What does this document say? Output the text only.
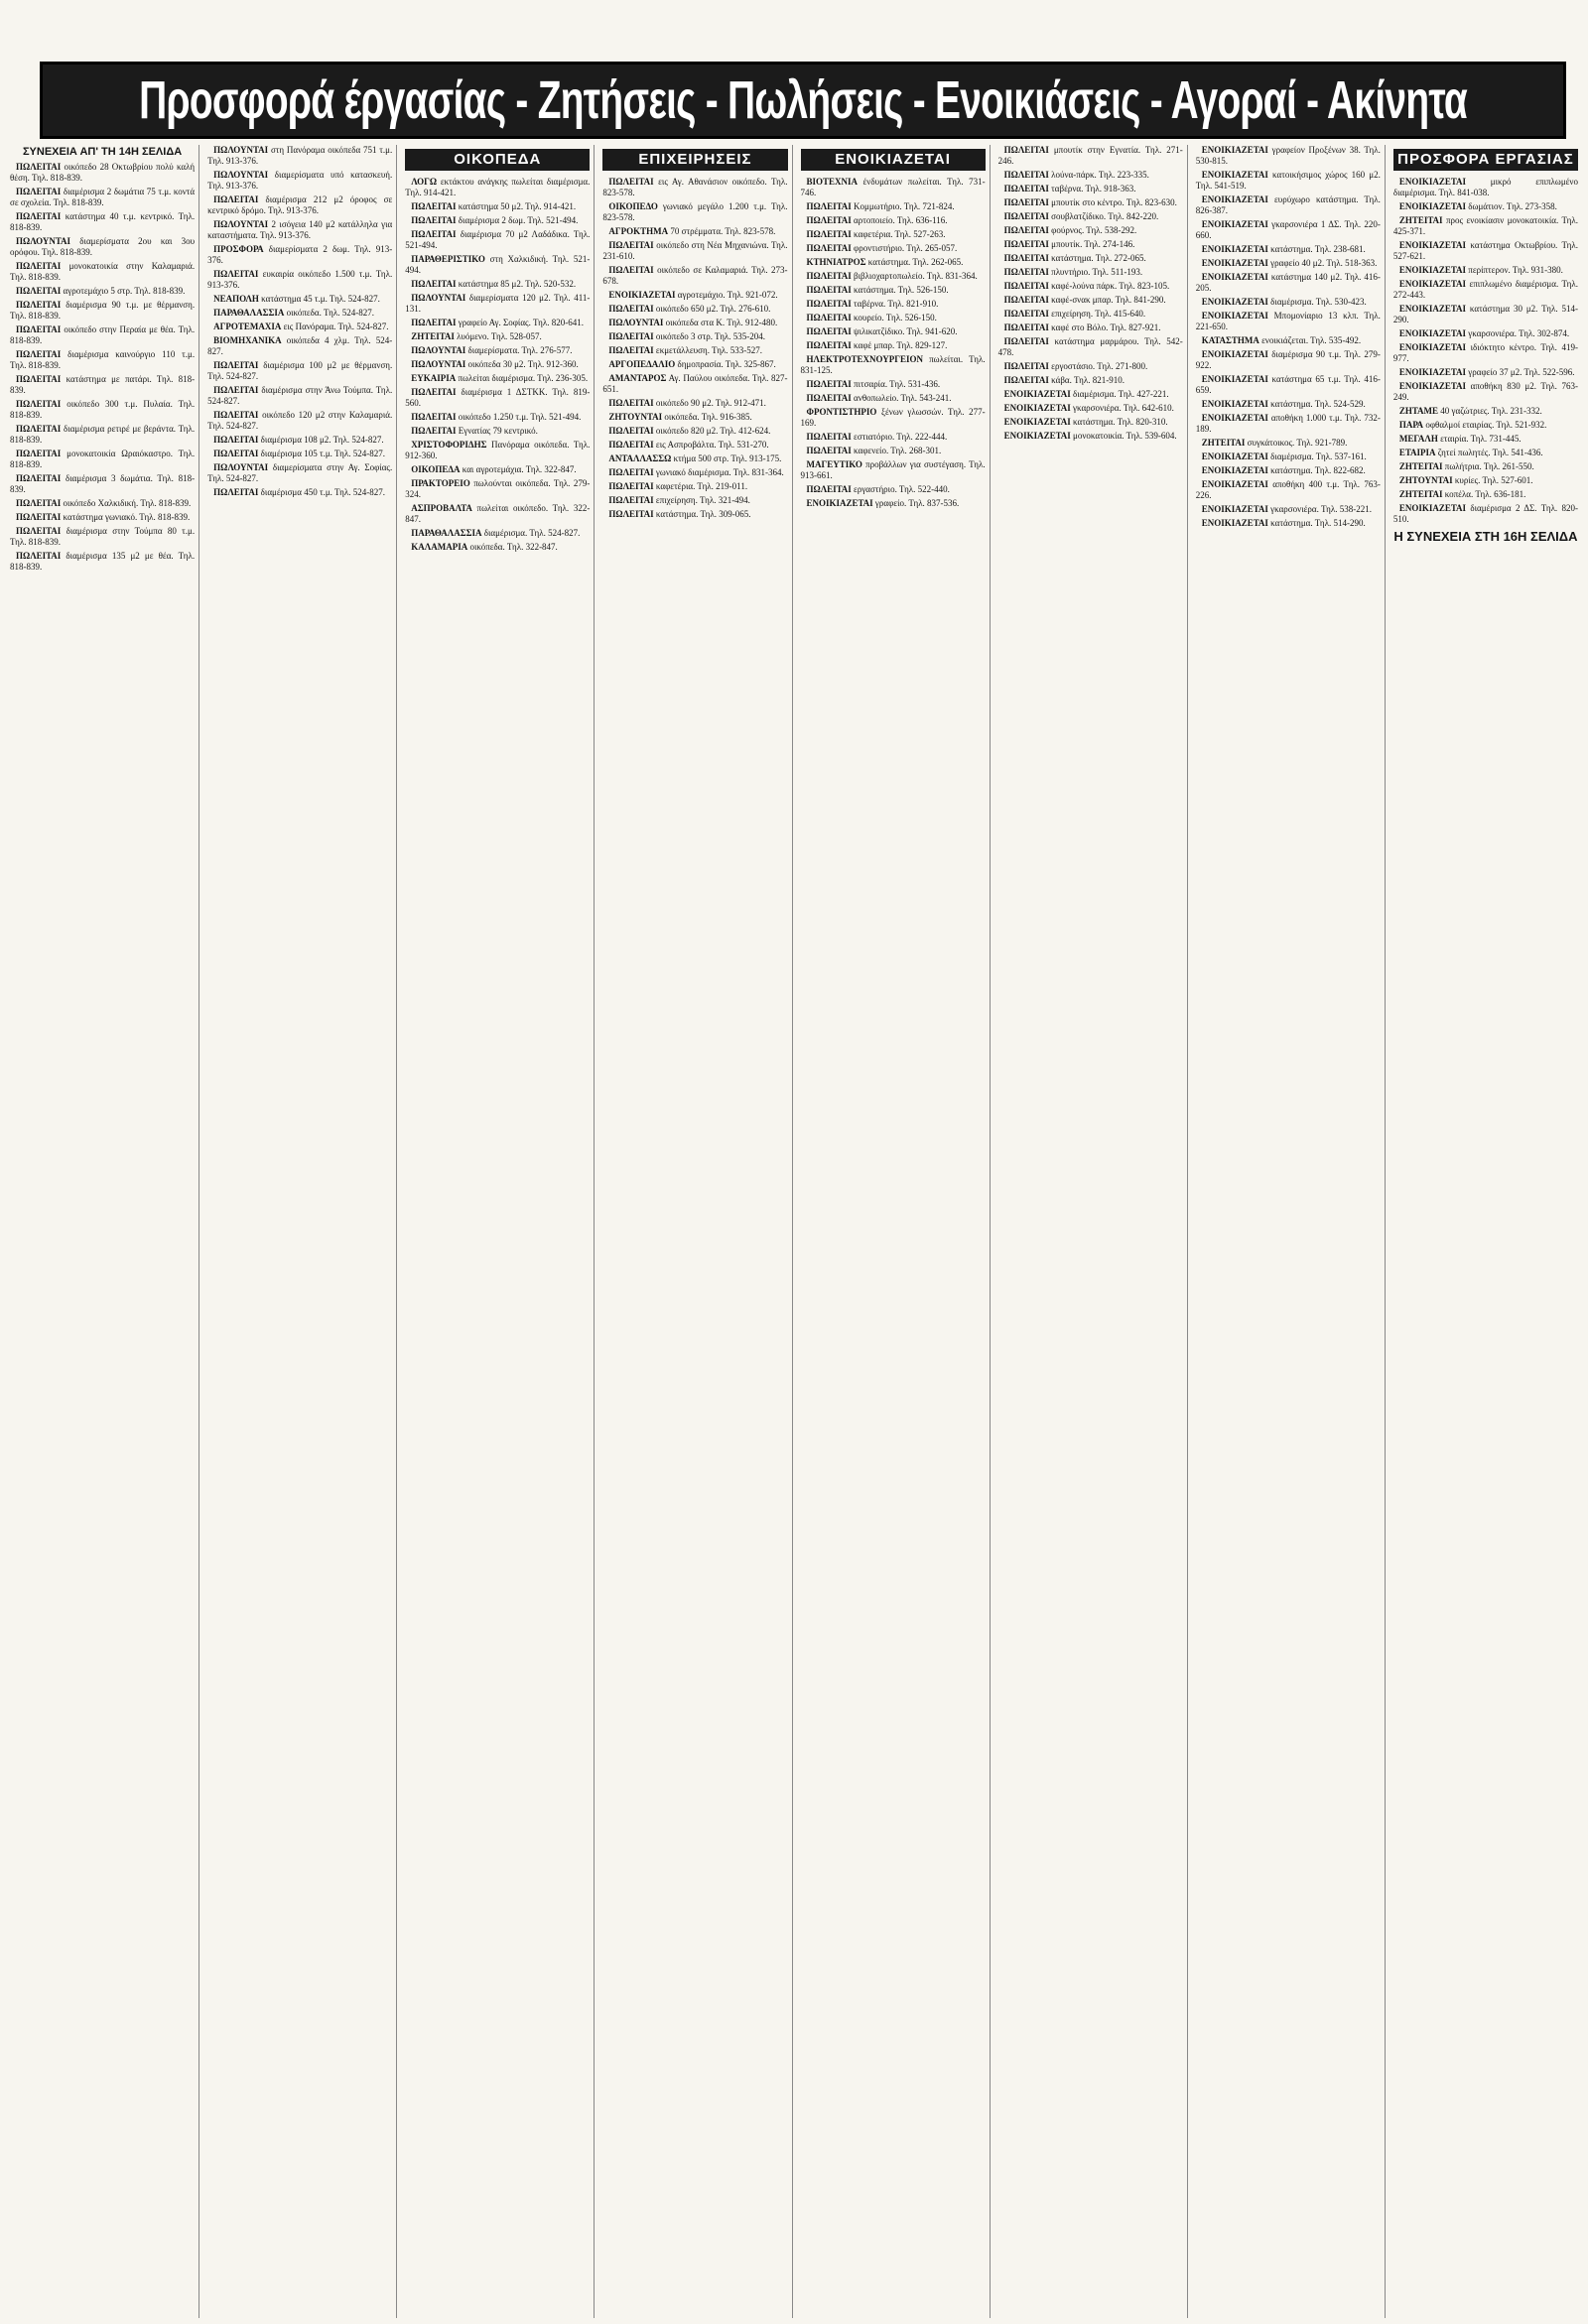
Προσφορά έργασίας - Ζητήσεις - Πωλήσεις - Ενοικιάσεις - Αγοραί - Ακίνητα
ΣΥΝΕΧΕΙΑ ΑΠ' ΤΗ 14Η ΣΕΛΙΔΑ

ΠΩΛΕΙΤΑΙ οικόπεδο 28 Οκτωβρίου πολύ καλή θέση. Τηλ. 818-839.

ΠΩΛΕΙΤΑΙ διαμέρισμα 2 δωμάτια 75 τ.μ. κοντά σε σχολεία. Τηλ. 818-839.

ΠΩΛΕΙΤΑΙ κατάστημα 40 τ.μ. κεντρικό. Τηλ. 818-839.

ΠΩΛΟΥΝΤΑΙ διαμερίσματα 2ου και 3ου ορόφου. Τηλ. 818-839.

ΠΩΛΕΙΤΑΙ μονοκατοικία στην Καλαμαριά. Τηλ. 818-839.

ΠΩΛΕΙΤΑΙ αγροτεμάχιο 5 στρ. Τηλ. 818-839.

ΠΩΛΕΙΤΑΙ διαμέρισμα 90 τ.μ. με θέρμανση. Τηλ. 818-839.

ΠΩΛΕΙΤΑΙ οικόπεδο στην Περαία με θέα. Τηλ. 818-839.

ΠΩΛΕΙΤΑΙ διαμέρισμα καινούργιο 110 τ.μ. Τηλ. 818-839.

ΠΩΛΕΙΤΑΙ κατάστημα με πατάρι. Τηλ. 818-839.

ΠΩΛΕΙΤΑΙ οικόπεδο 300 τ.μ. Πυλαία. Τηλ. 818-839.

ΠΩΛΕΙΤΑΙ διαμέρισμα ρετιρέ με βεράντα. Τηλ. 818-839.

ΠΩΛΕΙΤΑΙ μονοκατοικία Ωραιόκαστρο. Τηλ. 818-839.

ΠΩΛΕΙΤΑΙ διαμέρισμα 3 δωμάτια. Τηλ. 818-839.

ΠΩΛΕΙΤΑΙ οικόπεδο Χαλκιδική. Τηλ. 818-839.

ΠΩΛΕΙΤΑΙ κατάστημα γωνιακό. Τηλ. 818-839.

ΠΩΛΕΙΤΑΙ διαμέρισμα στην Τούμπα 80 τ.μ. Τηλ. 818-839.

ΠΩΛΕΙΤΑΙ διαμέρισμα 135 μ2 με θέα. Τηλ. 818-839.

ΠΩΛΟΥΝΤΑΙ στη Πανόραμα οικόπεδα 751 τ.μ. Τηλ. 913-376.

ΠΩΛΟΥΝΤΑΙ διαμερίσματα υπό κατασκευή. Τηλ. 913-376.

ΠΩΛΕΙΤΑΙ διαμέρισμα 212 μ2 όροφος σε κεντρικό δρόμο. Τηλ. 913-376.

ΠΩΛΟΥΝΤΑΙ 2 ισόγεια 140 μ2 κατάλληλα για καταστήματα. Τηλ. 913-376.

ΠΡΟΣΦΟΡΑ διαμερίσματα 2 δωμ. Τηλ. 913-376.

ΠΩΛΕΙΤΑΙ ευκαιρία οικόπεδο 1.500 τ.μ. Τηλ. 913-376.

ΝΕΑΠΟΛΗ κατάστημα 45 τ.μ. Τηλ. 524-827.

ΠΑΡΑΘΑΛΑΣΣΙΑ οικόπεδα. Τηλ. 524-827.

ΑΓΡΟΤΕΜΑΧΙΑ εις Πανόραμα. Τηλ. 524-827.

ΒΙΟΜΗΧΑΝΙΚΑ οικόπεδα 4 χλμ. Τηλ. 524-827.

ΠΩΛΕΙΤΑΙ διαμέρισμα 100 μ2 με θέρμανση. Τηλ. 524-827.

ΠΩΛΕΙΤΑΙ διαμέρισμα στην Άνω Τούμπα. Τηλ. 524-827.

ΠΩΛΕΙΤΑΙ οικόπεδο 120 μ2 στην Καλαμαριά. Τηλ. 524-827.

ΠΩΛΕΙΤΑΙ διαμέρισμα 108 μ2. Τηλ. 524-827.

ΠΩΛΕΙΤΑΙ διαμέρισμα 105 τ.μ. Τηλ. 524-827.

ΠΩΛΟΥΝΤΑΙ διαμερίσματα στην Αγ. Σοφίας. Τηλ. 524-827.

ΠΩΛΕΙΤΑΙ διαμέρισμα 450 τ.μ. Τηλ. 524-827.

ΟΙΚΟΠΕΔΑ

ΛΟΓΩ εκτάκτου ανάγκης πωλείται διαμέρισμα. Τηλ. 914-421.

ΠΩΛΕΙΤΑΙ κατάστημα 50 μ2. Τηλ. 914-421.

ΠΩΛΕΙΤΑΙ διαμέρισμα 2 δωμ. Τηλ. 521-494.

ΠΩΛΕΙΤΑΙ διαμέρισμα 70 μ2 Λαδάδικα. Τηλ. 521-494.

ΠΑΡΑΘΕΡΙΣΤΙΚΟ στη Χαλκιδική. Τηλ. 521-494.

ΠΩΛΕΙΤΑΙ κατάστημα 85 μ2. Τηλ. 520-532.

ΠΩΛΟΥΝΤΑΙ διαμερίσματα 120 μ2. Τηλ. 411-131.

ΠΩΛΕΙΤΑΙ γραφείο Αγ. Σοφίας. Τηλ. 820-641.

ΖΗΤΕΙΤΑΙ λυόμενο. Τηλ. 528-057.

ΠΩΛΟΥΝΤΑΙ διαμερίσματα. Τηλ. 276-577.

ΠΩΛΟΥΝΤΑΙ οικόπεδα 30 μ2. Τηλ. 912-360.

ΕΥΚΑΙΡΙΑ πωλείται διαμέρισμα. Τηλ. 236-305.

ΠΩΛΕΙΤΑΙ διαμέρισμα 1 ΔΣΤΚΚ. Τηλ. 819-560.

ΠΩΛΕΙΤΑΙ οικόπεδο 1.250 τ.μ. Τηλ. 521-494.

ΠΩΛΕΙΤΑΙ Εγνατίας 79 κεντρικό.

ΧΡΙΣΤΟΦΟΡΙΔΗΣ Πανόραμα οικόπεδα. Τηλ. 912-360.

ΟΙΚΟΠΕΔΑ και αγροτεμάχια. Τηλ. 322-847.

ΠΡΑΚΤΟΡΕΙΟ πωλούνται οικόπεδα. Τηλ. 279-324.

ΑΣΠΡΟΒΑΛΤΑ πωλείται οικόπεδο. Τηλ. 322-847.

ΠΑΡΑΘΑΛΑΣΣΙΑ διαμέρισμα. Τηλ. 524-827.

ΚΑΛΑΜΑΡΙΑ οικόπεδα. Τηλ. 322-847.

ΕΠΙΧΕΙΡΗΣΕΙΣ

ΠΩΛΕΙΤΑΙ εις Αγ. Αθανάσιον οικόπεδο. Τηλ. 823-578.

ΟΙΚΟΠΕΔΟ γωνιακό μεγάλο 1.200 τ.μ. Τηλ. 823-578.

ΑΓΡΟΚΤΗΜΑ 70 στρέμματα. Τηλ. 823-578.

ΠΩΛΕΙΤΑΙ οικόπεδο στη Νέα Μηχανιώνα. Τηλ. 231-610.

ΠΩΛΕΙΤΑΙ οικόπεδο σε Καλαμαριά. Τηλ. 273-678.

ΕΝΟΙΚΙΑΖΕΤΑΙ αγροτεμάχιο. Τηλ. 921-072.

ΠΩΛΕΙΤΑΙ οικόπεδο 650 μ2. Τηλ. 276-610.

ΠΩΛΟΥΝΤΑΙ οικόπεδα στα Κ. Τηλ. 912-480.

ΠΩΛΕΙΤΑΙ οικόπεδο 3 στρ. Τηλ. 535-204.

ΠΩΛΕΙΤΑΙ εκμετάλλευση. Τηλ. 533-527.

ΑΡΓΟΠΕΔΑΛΙΟ δημοπρασία. Τηλ. 325-867.

ΑΜΑΝΤΑΡΟΣ Αγ. Παύλου οικόπεδα. Τηλ. 827-651.

ΠΩΛΕΙΤΑΙ οικόπεδο 90 μ2. Τηλ. 912-471.

ΖΗΤΟΥΝΤΑΙ οικόπεδα. Τηλ. 916-385.

ΠΩΛΕΙΤΑΙ οικόπεδο 820 μ2. Τηλ. 412-624.

ΠΩΛΕΙΤΑΙ εις Ασπροβάλτα. Τηλ. 531-270.

ΑΝΤΑΛΛΑΣΣΩ κτήμα 500 στρ. Τηλ. 913-175.

ΠΩΛΕΙΤΑΙ γωνιακό διαμέρισμα. Τηλ. 831-364.

ΠΩΛΕΙΤΑΙ καφετέρια. Τηλ. 219-011.

ΠΩΛΕΙΤΑΙ επιχείρηση. Τηλ. 321-494.

ΠΩΛΕΙΤΑΙ κατάστημα. Τηλ. 309-065.

ΕΝΟΙΚΙΑΖΕΤΑΙ

ΒΙΟΤΕΧΝΙΑ ένδυμάτων πωλείται. Τηλ. 731-746.

ΠΩΛΕΙΤΑΙ Κομμωτήριο. Τηλ. 721-824.

ΠΩΛΕΙΤΑΙ αρτοποιείο. Τηλ. 636-116.

ΠΩΛΕΙΤΑΙ καφετέρια. Τηλ. 527-263.

ΠΩΛΕΙΤΑΙ φροντιστήριο. Τηλ. 265-057.

ΚΤΗΝΙΑΤΡΟΣ κατάστημα. Τηλ. 262-065.

ΠΩΛΕΙΤΑΙ βιβλιοχαρτοπωλείο. Τηλ. 831-364.

ΠΩΛΕΙΤΑΙ κατάστημα. Τηλ. 526-150.

ΠΩΛΕΙΤΑΙ ταβέρνα. Τηλ. 821-910.

ΠΩΛΕΙΤΑΙ κουρείο. Τηλ. 526-150.

ΠΩΛΕΙΤΑΙ ψιλικατζίδικο. Τηλ. 941-620.

ΠΩΛΕΙΤΑΙ καφέ μπαρ. Τηλ. 829-127.

ΗΛΕΚΤΡΟΤΕΧΝΟΥΡΓΕΙΟΝ πωλείται. Τηλ. 831-125.

ΠΩΛΕΙΤΑΙ πιτσαρία. Τηλ. 531-436.

ΠΩΛΕΙΤΑΙ ανθοπωλείο. Τηλ. 543-241.

ΦΡΟΝΤΙΣΤΗΡΙΟ ξένων γλωσσών. Τηλ. 277-169.

ΠΩΛΕΙΤΑΙ εστιατόριο. Τηλ. 222-444.

ΠΩΛΕΙΤΑΙ καφενείο. Τηλ. 268-301.

ΜΑΓΕΥΤΙΚΟ προβάλλων για συστέγαση. Τηλ. 913-661.

ΠΩΛΕΙΤΑΙ εργαστήριο. Τηλ. 522-440.

ΕΝΟΙΚΙΑΖΕΤΑΙ γραφείο. Τηλ. 837-536.

ΠΩΛΕΙΤΑΙ μπουτίκ στην Εγνατία. Τηλ. 271-246.

ΠΩΛΕΙΤΑΙ λούνα-πάρκ. Τηλ. 223-335.

ΠΩΛΕΙΤΑΙ ταβέρνα. Τηλ. 918-363.

ΠΩΛΕΙΤΑΙ μπουτίκ στο κέντρο. Τηλ. 823-630.

ΠΩΛΕΙΤΑΙ σουβλατζίδικο. Τηλ. 842-220.

ΠΩΛΕΙΤΑΙ φούρνος. Τηλ. 538-292.

ΠΩΛΕΙΤΑΙ μπουτίκ. Τηλ. 274-146.

ΠΩΛΕΙΤΑΙ κατάστημα. Τηλ. 272-065.

ΠΩΛΕΙΤΑΙ πλυντήριο. Τηλ. 511-193.

ΠΩΛΕΙΤΑΙ καφέ-λούνα πάρκ. Τηλ. 823-105.

ΠΩΛΕΙΤΑΙ καφέ-σνακ μπαρ. Τηλ. 841-290.

ΠΩΛΕΙΤΑΙ επιχείρηση. Τηλ. 415-640.

ΠΩΛΕΙΤΑΙ καφέ στο Βόλο. Τηλ. 827-921.

ΠΩΛΕΙΤΑΙ κατάστημα μαρμάρου. Τηλ. 542-478.

ΠΩΛΕΙΤΑΙ εργοστάσιο. Τηλ. 271-800.

ΠΩΛΕΙΤΑΙ κάβα. Τηλ. 821-910.

ΕΝΟΙΚΙΑΖΕΤΑΙ διαμέρισμα. Τηλ. 427-221.

ΕΝΟΙΚΙΑΖΕΤΑΙ γκαρσονιέρα. Τηλ. 642-610.

ΕΝΟΙΚΙΑΖΕΤΑΙ κατάστημα. Τηλ. 820-310.

ΕΝΟΙΚΙΑΖΕΤΑΙ μονοκατοικία. Τηλ. 539-604.

ΕΝΟΙΚΙΑΖΕΤΑΙ γραφείον Προξένων 38. Τηλ. 530-815.

ΕΝΟΙΚΙΑΖΕΤΑΙ κατοικήσιμος χώρος 160 μ2. Τηλ. 541-519.

ΕΝΟΙΚΙΑΖΕΤΑΙ ευρύχωρο κατάστημα. Τηλ. 826-387.

ΕΝΟΙΚΙΑΖΕΤΑΙ γκαρσονιέρα 1 ΔΣ. Τηλ. 220-660.

ΕΝΟΙΚΙΑΖΕΤΑΙ κατάστημα. Τηλ. 238-681.

ΕΝΟΙΚΙΑΖΕΤΑΙ γραφείο 40 μ2. Τηλ. 518-363.

ΕΝΟΙΚΙΑΖΕΤΑΙ κατάστημα 140 μ2. Τηλ. 416-205.

ΕΝΟΙΚΙΑΖΕΤΑΙ διαμέρισμα. Τηλ. 530-423.

ΕΝΟΙΚΙΑΖΕΤΑΙ Μπομονίαριο 13 κλπ. Τηλ. 221-650.

ΚΑΤΑΣΤΗΜΑ ενοικιάζεται. Τηλ. 535-492.

ΕΝΟΙΚΙΑΖΕΤΑΙ διαμέρισμα 90 τ.μ. Τηλ. 279-922.

ΕΝΟΙΚΙΑΖΕΤΑΙ κατάστημα 65 τ.μ. Τηλ. 416-659.

ΕΝΟΙΚΙΑΖΕΤΑΙ κατάστημα. Τηλ. 524-529.

ΕΝΟΙΚΙΑΖΕΤΑΙ αποθήκη 1.000 τ.μ. Τηλ. 732-189.

ΖΗΤΕΙΤΑΙ συγκάτοικος. Τηλ. 921-789.

ΕΝΟΙΚΙΑΖΕΤΑΙ διαμέρισμα. Τηλ. 537-161.

ΕΝΟΙΚΙΑΖΕΤΑΙ κατάστημα. Τηλ. 822-682.

ΕΝΟΙΚΙΑΖΕΤΑΙ αποθήκη 400 τ.μ. Τηλ. 763-226.

ΕΝΟΙΚΙΑΖΕΤΑΙ γκαρσονιέρα. Τηλ. 538-221.

ΕΝΟΙΚΙΑΖΕΤΑΙ κατάστημα. Τηλ. 514-290.

ΠΡΟΣΦΟΡΑ ΕΡΓΑΣΙΑΣ

ΕΝΟΙΚΙΑΖΕΤΑΙ μικρό επιπλωμένο διαμέρισμα. Τηλ. 841-038.

ΕΝΟΙΚΙΑΖΕΤΑΙ δωμάτιον. Τηλ. 273-358.

ΖΗΤΕΙΤΑΙ προς ενοικίασιν μονοκατοικία. Τηλ. 425-371.

ΕΝΟΙΚΙΑΖΕΤΑΙ κατάστημα Οκτωβρίου. Τηλ. 527-621.

ΕΝΟΙΚΙΑΖΕΤΑΙ περίπτερον. Τηλ. 931-380.

ΕΝΟΙΚΙΑΖΕΤΑΙ επιπλωμένο διαμέρισμα. Τηλ. 272-443.

ΕΝΟΙΚΙΑΖΕΤΑΙ κατάστημα 30 μ2. Τηλ. 514-290.

ΕΝΟΙΚΙΑΖΕΤΑΙ γκαρσονιέρα. Τηλ. 302-874.

ΕΝΟΙΚΙΑΖΕΤΑΙ ιδιόκτητο κέντρο. Τηλ. 419-977.

ΕΝΟΙΚΙΑΖΕΤΑΙ γραφείο 37 μ2. Τηλ. 522-596.

ΕΝΟΙΚΙΑΖΕΤΑΙ αποθήκη 830 μ2. Τηλ. 763-249.

ΖΗΤΑΜΕ 40 γαζώτριες. Τηλ. 231-332.

ΠΑΡΑ οφθαλμοί εταιρίας. Τηλ. 521-932.

ΜΕΓΑΛΗ εταιρία. Τηλ. 731-445.

ΕΤΑΙΡΙΑ ζητεί πωλητές. Τηλ. 541-436.

ΖΗΤΕΙΤΑΙ πωλήτρια. Τηλ. 261-550.

ΖΗΤΟΥΝΤΑΙ κυρίες. Τηλ. 527-601.

ΖΗΤΕΙΤΑΙ κοπέλα. Τηλ. 636-181.

ΕΝΟΙΚΙΑΖΕΤΑΙ διαμέρισμα 2 ΔΣ. Τηλ. 820-510.

Η ΣΥΝΕΧΕΙΑ ΣΤΗ 16Η ΣΕΛΙΔΑ
